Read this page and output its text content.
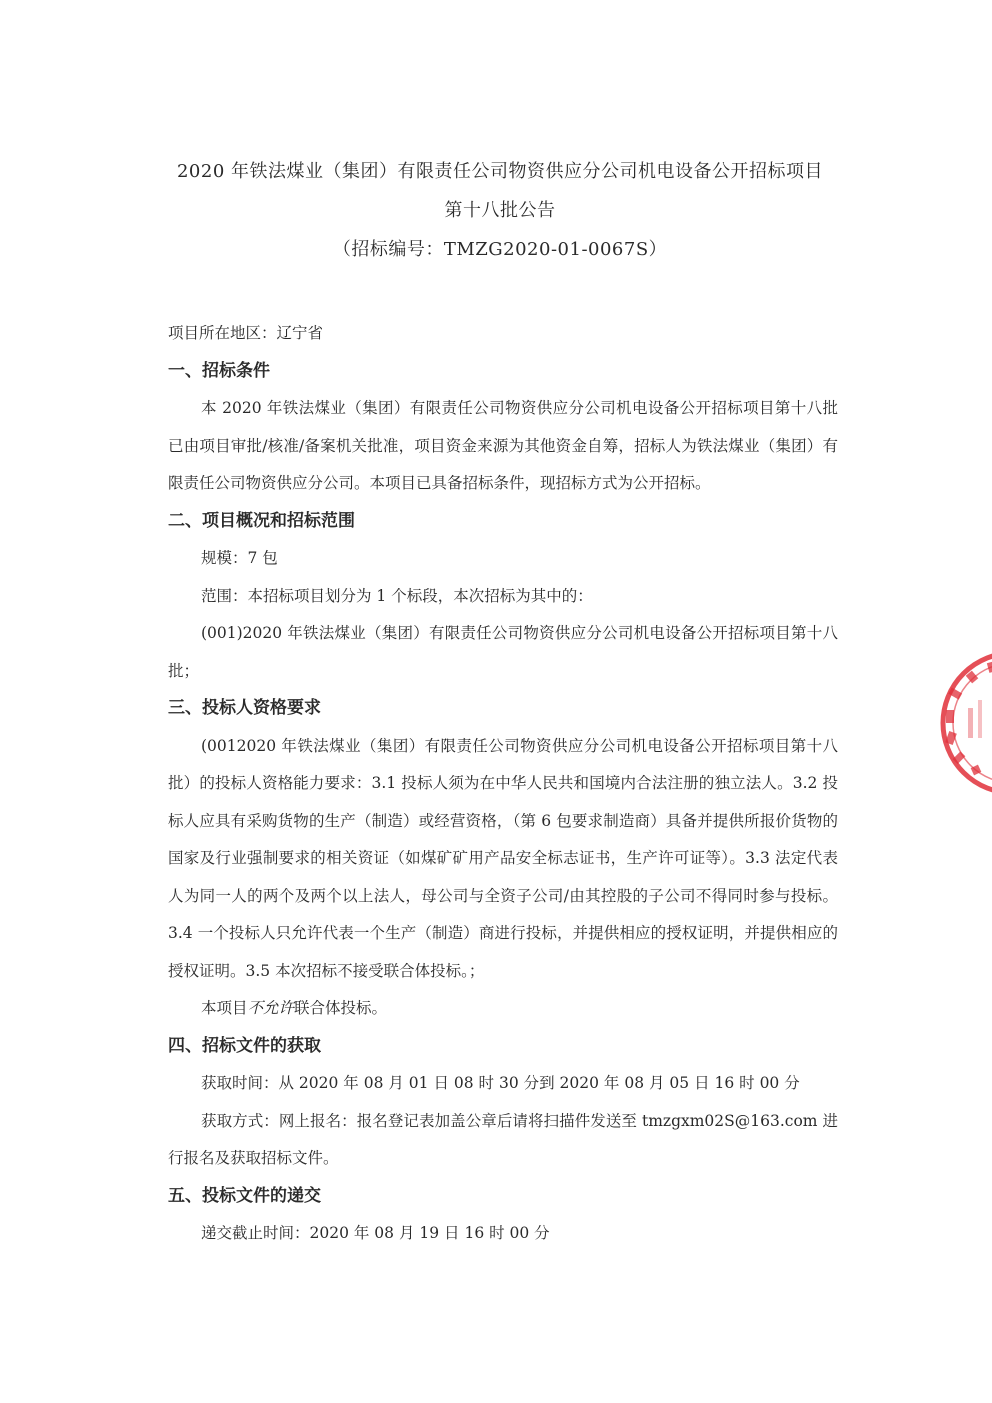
2020 年铁法煤业（集团）有限责任公司物资供应分公司机电设备公开招标项目
第十八批公告
（招标编号：TMZG2020-01-0067S）

项目所在地区：辽宁省

一、招标条件

本 2020 年铁法煤业（集团）有限责任公司物资供应分公司机电设备公开招标项目第十八批已由项目审批/核准/备案机关批准，项目资金来源为其他资金自筹，招标人为铁法煤业（集团）有限责任公司物资供应分公司。本项目已具备招标条件，现招标方式为公开招标。

二、项目概况和招标范围

规模：7 包

范围：本招标项目划分为 1 个标段，本次招标为其中的：

(001)2020 年铁法煤业（集团）有限责任公司物资供应分公司机电设备公开招标项目第十八批；

三、投标人资格要求

(0012020 年铁法煤业（集团）有限责任公司物资供应分公司机电设备公开招标项目第十八批）的投标人资格能力要求：3.1 投标人须为在中华人民共和国境内合法注册的独立法人。3.2 投标人应具有采购货物的生产（制造）或经营资格，（第 6 包要求制造商）具备并提供所报价货物的国家及行业强制要求的相关资证（如煤矿矿用产品安全标志证书，生产许可证等）。3.3 法定代表人为同一人的两个及两个以上法人，母公司与全资子公司/由其控股的子公司不得同时参与投标。3.4 一个投标人只允许代表一个生产（制造）商进行投标，并提供相应的授权证明，并提供相应的授权证明。3.5 本次招标不接受联合体投标。；

本项目不允许联合体投标。

四、招标文件的获取

获取时间：从 2020 年 08 月 01 日 08 时 30 分到 2020 年 08 月 05 日 16 时 00 分

获取方式：网上报名：报名登记表加盖公章后请将扫描件发送至 tmzgxm02S@163.com 进行报名及获取招标文件。

五、投标文件的递交

递交截止时间：2020 年 08 月 19 日 16 时 00 分
